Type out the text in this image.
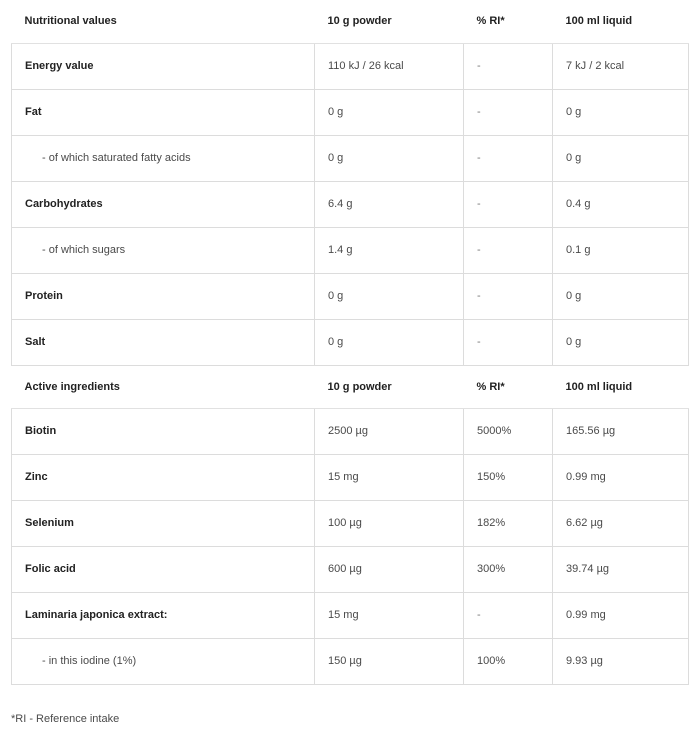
Nutritional values	10 g powder	% RI*	100 ml liquid
Energy value	110 kJ / 26 kcal	-	7 kJ / 2 kcal
Fat	0 g	-	0 g
- of which saturated fatty acids	0 g	-	0 g
Carbohydrates	6.4 g	-	0.4 g
- of which sugars	1.4 g	-	0.1 g
Protein	0 g	-	0 g
Salt	0 g	-	0 g
Active ingredients	10 g powder	% RI*	100 ml liquid
Biotin	2500 µg	5000%	165.56 µg
Zinc	15 mg	150%	0.99 mg
Selenium	100 µg	182%	6.62 µg
Folic acid	600 µg	300%	39.74 µg
Laminaria japonica extract:	15 mg	-	0.99 mg
- in this iodine (1%)	150 µg	100%	9.93 µg
*RI - Reference intake
